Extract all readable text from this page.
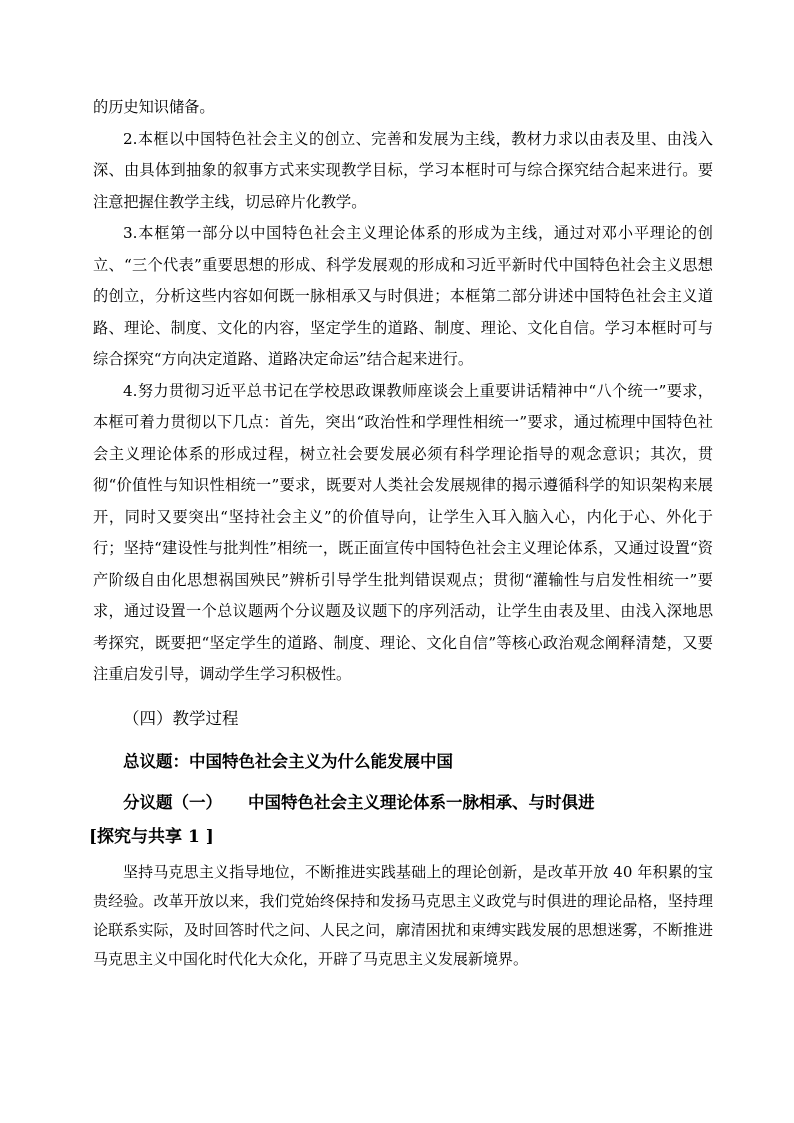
的历史知识储备。

2.本框以中国特色社会主义的创立、完善和发展为主线，教材力求以由表及里、由浅入深、由具体到抽象的叙事方式来实现教学目标，学习本框时可与综合探究结合起来进行。要注意把握住教学主线，切忌碎片化教学。

3.本框第一部分以中国特色社会主义理论体系的形成为主线，通过对邓小平理论的创立、“三个代表”重要思想的形成、科学发展观的形成和习近平新时代中国特色社会主义思想的创立，分析这些内容如何既一脉相承又与时俱进；本框第二部分讲述中国特色社会主义道路、理论、制度、文化的内容，坚定学生的道路、制度、理论、文化自信。学习本框时可与综合探究“方向决定道路、道路决定命运”结合起来进行。

4.努力贯彻习近平总书记在学校思政课教师座谈会上重要讲话精神中“八个统一”要求，本框可着力贯彻以下几点：首先，突出“政治性和学理性相统一”要求，通过梳理中国特色社会主义理论体系的形成过程，树立社会要发展必须有科学理论指导的观念意识；其次，贯彻“价值性与知识性相统一”要求，既要对人类社会发展规律的揭示遵循科学的知识架构来展开，同时又要突出“坚持社会主义”的价值导向，让学生入耳入脑入心，内化于心、外化于行；坚持“建设性与批判性”相统一，既正面宣传中国特色社会主义理论体系，又通过设置“资产阶级自由化思想祸国殃民”辨析引导学生批判错误观点；贯彻“灌输性与启发性相统一”要求，通过设置一个总议题两个分议题及议题下的序列活动，让学生由表及里、由浅入深地思考探究，既要把“坚定学生的道路、制度、理论、文化自信”等核心政治观念阐释清楚，又要注重启发引导，调动学生学习积极性。

（四）教学过程

总议题：中国特色社会主义为什么能发展中国

分议题（一） 中国特色社会主义理论体系一脉相承、与时俱进

[探究与共享 1 ]

坚持马克思主义指导地位，不断推进实践基础上的理论创新，是改革开放 40 年积累的宝贵经验。改革开放以来，我们党始终保持和发扬马克思主义政党与时俱进的理论品格，坚持理论联系实际，及时回答时代之问、人民之问，廓清困扰和束缚实践发展的思想迷雾，不断推进马克思主义中国化时代化大众化，开辟了马克思主义发展新境界。
